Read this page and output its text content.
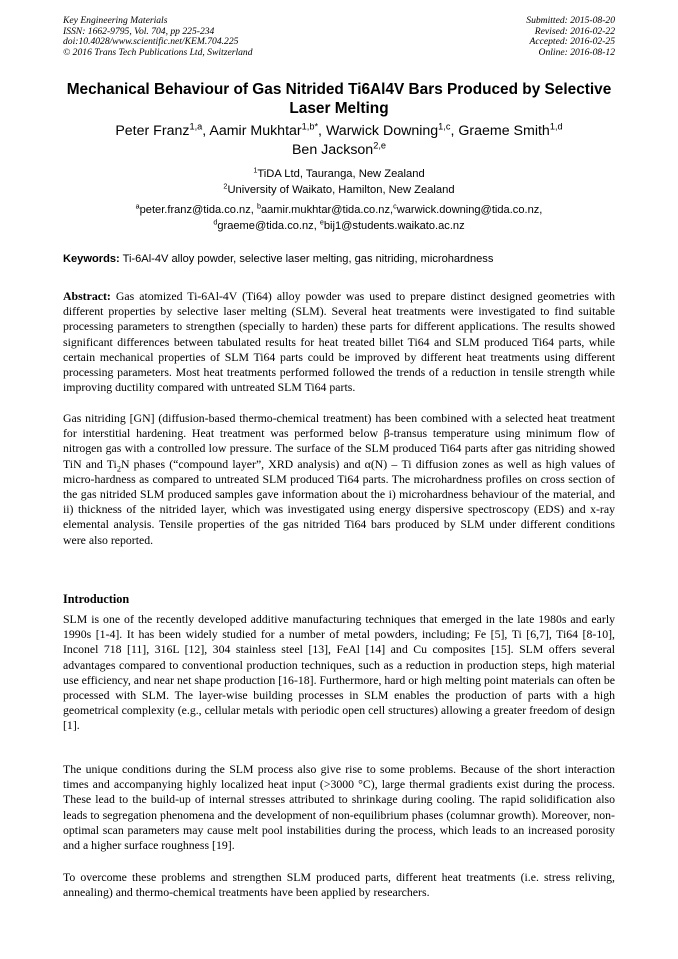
Key Engineering Materials
ISSN: 1662-9795, Vol. 704, pp 225-234
doi:10.4028/www.scientific.net/KEM.704.225
© 2016 Trans Tech Publications Ltd, Switzerland
Submitted: 2015-08-20
Revised: 2016-02-22
Accepted: 2016-02-25
Online: 2016-08-12
Mechanical Behaviour of Gas Nitrided Ti6Al4V Bars Produced by Selective Laser Melting
Peter Franz$^{1,a}$, Aamir Mukhtar$^{1,b*}$, Warwick Downing$^{1,c}$, Graeme Smith$^{1,d}$
Ben Jackson$^{2,e}$
$^1$TiDA Ltd, Tauranga, New Zealand
$^2$University of Waikato, Hamilton, New Zealand
$^a$peter.franz@tida.co.nz, $^b$aamir.mukhtar@tida.co.nz,$^c$warwick.downing@tida.co.nz,
$^d$graeme@tida.co.nz, $^e$bij1@students.waikato.ac.nz
Keywords: Ti-6Al-4V alloy powder, selective laser melting, gas nitriding, microhardness

Abstract: Gas atomized Ti-6Al-4V (Ti64) alloy powder was used to prepare distinct designed geometries with different properties by selective laser melting (SLM). Several heat treatments were investigated to find suitable processing parameters to strengthen (specially to harden) these parts for different applications. The results showed significant differences between tabulated results for heat treated billet Ti64 and SLM produced Ti64 parts, while certain mechanical properties of SLM Ti64 parts could be improved by different heat treatments using different processing parameters. Most heat treatments performed followed the trends of a reduction in tensile strength while improving ductility compared with untreated SLM Ti64 parts.

Gas nitriding [GN] (diffusion-based thermo-chemical treatment) has been combined with a selected heat treatment for interstitial hardening. Heat treatment was performed below β-transus temperature using minimum flow of nitrogen gas with a controlled low pressure. The surface of the SLM produced Ti64 parts after gas nitriding showed TiN and $Ti_2N$ phases (“compound layer”, XRD analysis) and α(N) – Ti diffusion zones as well as high values of micro-hardness as compared to untreated SLM produced Ti64 parts. The microhardness profiles on cross section of the gas nitrided SLM produced samples gave information about the i) microhardness behaviour of the material, and ii) thickness of the nitrided layer, which was investigated using energy dispersive spectroscopy (EDS) and x-ray elemental analysis. Tensile properties of the gas nitrided Ti64 bars produced by SLM under different conditions were also reported.

Introduction

SLM is one of the recently developed additive manufacturing techniques that emerged in the late 1980s and early 1990s [1-4]. It has been widely studied for a number of metal powders, including; Fe [5], Ti [6,7], Ti64 [8-10], Inconel 718 [11], 316L [12], 304 stainless steel [13], FeAl [14] and Cu composites [15]. SLM offers several advantages compared to conventional production techniques, such as a reduction in production steps, high material use efficiency, and near net shape production [16-18]. Furthermore, hard or high melting point materials can often be processed with SLM. The layer-wise building processes in SLM enables the production of parts with a high geometrical complexity (e.g., cellular metals with periodic open cell structures) allowing a greater freedom of design [1].

The unique conditions during the SLM process also give rise to some problems. Because of the short interaction times and accompanying highly localized heat input (>3000 °C), large thermal gradients exist during the process. These lead to the build-up of internal stresses attributed to shrinkage during cooling. The rapid solidification also leads to segregation phenomena and the development of non-equilibrium phases (columnar growth). Moreover, non-optimal scan parameters may cause melt pool instabilities during the process, which leads to an increased porosity and a higher surface roughness [19].

To overcome these problems and strengthen SLM produced parts, different heat treatments (i.e. stress reliving, annealing) and thermo-chemical treatments have been applied by researchers.
